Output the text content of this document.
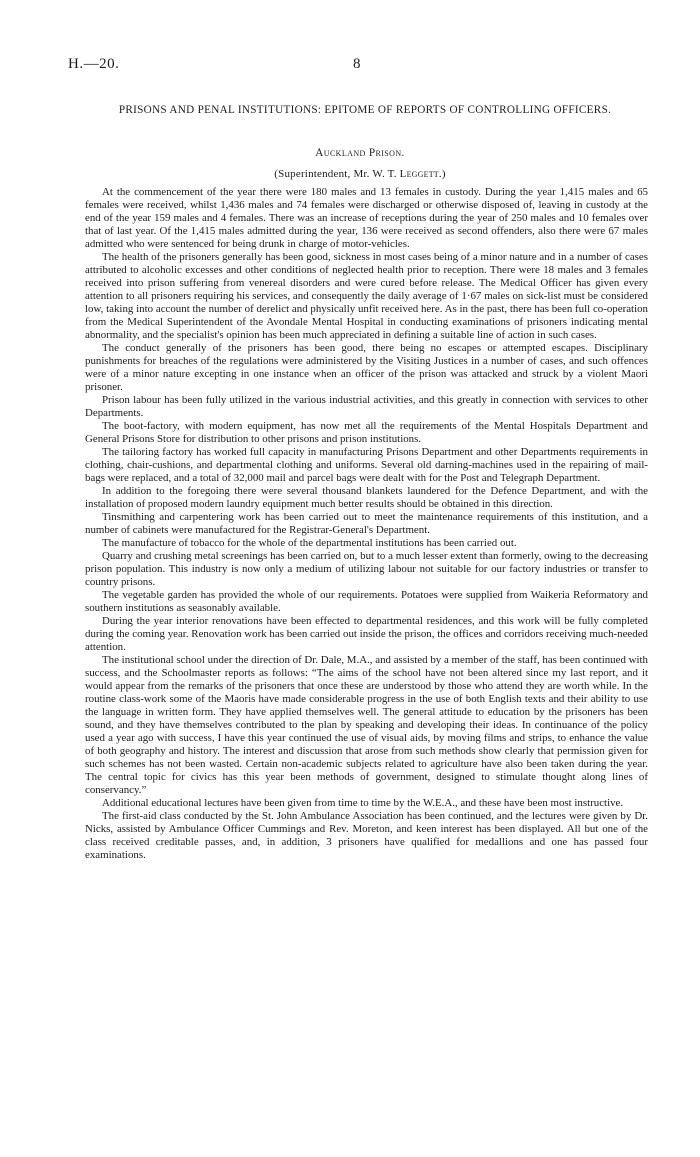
H.—20.	8
PRISONS AND PENAL INSTITUTIONS: EPITOME OF REPORTS OF CONTROLLING OFFICERS.
Auckland Prison.
(Superintendent, Mr. W. T. Leggett.)

At the commencement of the year there were 180 males and 13 females in custody. During the year 1,415 males and 65 females were received, whilst 1,436 males and 74 females were discharged or otherwise disposed of, leaving in custody at the end of the year 159 males and 4 females. There was an increase of receptions during the year of 250 males and 10 females over that of last year. Of the 1,415 males admitted during the year, 136 were received as second offenders, also there were 67 males admitted who were sentenced for being drunk in charge of motor-vehicles.

The health of the prisoners generally has been good, sickness in most cases being of a minor nature and in a number of cases attributed to alcoholic excesses and other conditions of neglected health prior to reception. There were 18 males and 3 females received into prison suffering from venereal disorders and were cured before release. The Medical Officer has given every attention to all prisoners requiring his services, and consequently the daily average of 1·67 males on sick-list must be considered low, taking into account the number of derelict and physically unfit received here. As in the past, there has been full co-operation from the Medical Superintendent of the Avondale Mental Hospital in conducting examinations of prisoners indicating mental abnormality, and the specialist's opinion has been much appreciated in defining a suitable line of action in such cases.

The conduct generally of the prisoners has been good, there being no escapes or attempted escapes. Disciplinary punishments for breaches of the regulations were administered by the Visiting Justices in a number of cases, and such offences were of a minor nature excepting in one instance when an officer of the prison was attacked and struck by a violent Maori prisoner.

Prison labour has been fully utilized in the various industrial activities, and this greatly in connection with services to other Departments.

The boot-factory, with modern equipment, has now met all the requirements of the Mental Hospitals Department and General Prisons Store for distribution to other prisons and prison institutions.

The tailoring factory has worked full capacity in manufacturing Prisons Department and other Departments requirements in clothing, chair-cushions, and departmental clothing and uniforms. Several old darning-machines used in the repairing of mail-bags were replaced, and a total of 32,000 mail and parcel bags were dealt with for the Post and Telegraph Department.

In addition to the foregoing there were several thousand blankets laundered for the Defence Department, and with the installation of proposed modern laundry equipment much better results should be obtained in this direction.

Tinsmithing and carpentering work has been carried out to meet the maintenance requirements of this institution, and a number of cabinets were manufactured for the Registrar-General's Department.

The manufacture of tobacco for the whole of the departmental institutions has been carried out.

Quarry and crushing metal screenings has been carried on, but to a much lesser extent than formerly, owing to the decreasing prison population. This industry is now only a medium of utilizing labour not suitable for our factory industries or transfer to country prisons.

The vegetable garden has provided the whole of our requirements. Potatoes were supplied from Waikeria Reformatory and southern institutions as seasonably available.

During the year interior renovations have been effected to departmental residences, and this work will be fully completed during the coming year. Renovation work has been carried out inside the prison, the offices and corridors receiving much-needed attention.

The institutional school under the direction of Dr. Dale, M.A., and assisted by a member of the staff, has been continued with success, and the Schoolmaster reports as follows: “The aims of the school have not been altered since my last report, and it would appear from the remarks of the prisoners that once these are understood by those who attend they are worth while. In the routine class-work some of the Maoris have made considerable progress in the use of both English texts and their ability to use the language in written form. They have applied themselves well. The general attitude to education by the prisoners has been sound, and they have themselves contributed to the plan by speaking and developing their ideas. In continuance of the policy used a year ago with success, I have this year continued the use of visual aids, by moving films and strips, to enhance the value of both geography and history. The interest and discussion that arose from such methods show clearly that permission given for such schemes has not been wasted. Certain non-academic subjects related to agriculture have also been taken during the year. The central topic for civics has this year been methods of government, designed to stimulate thought along lines of conservancy.”

Additional educational lectures have been given from time to time by the W.E.A., and these have been most instructive.

The first-aid class conducted by the St. John Ambulance Association has been continued, and the lectures were given by Dr. Nicks, assisted by Ambulance Officer Cummings and Rev. Moreton, and keen interest has been displayed. All but one of the class received creditable passes, and, in addition, 3 prisoners have qualified for medallions and one has passed four examinations.
